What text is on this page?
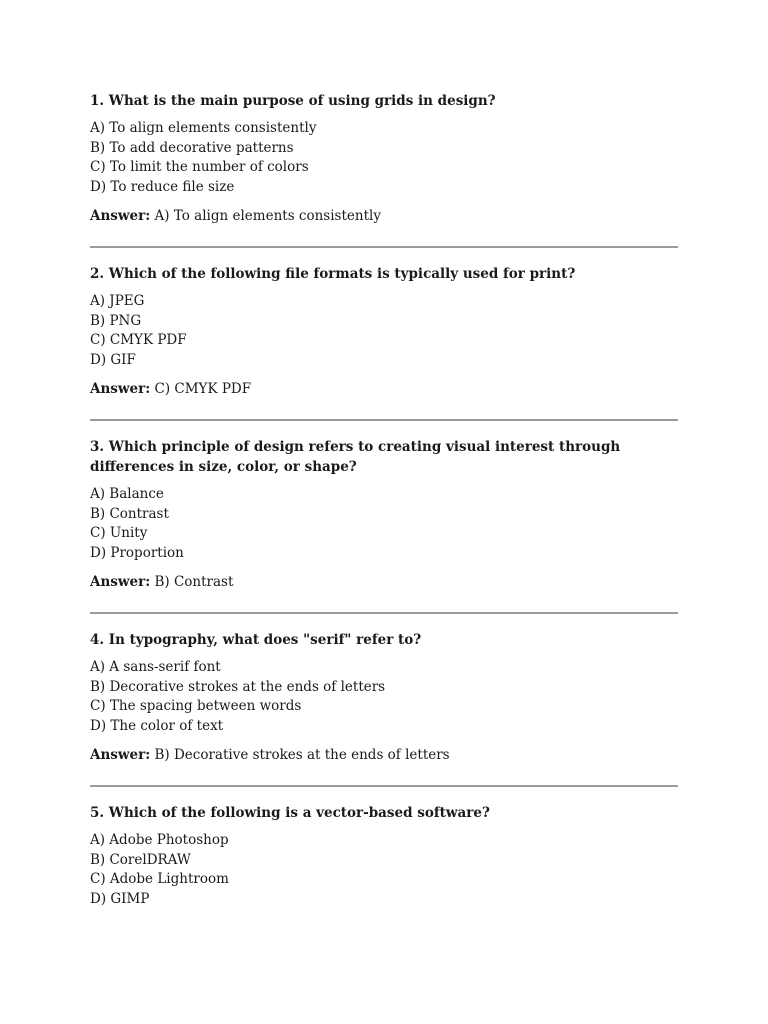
1. What is the main purpose of using grids in design?

A) To align elements consistently
B) To add decorative patterns
C) To limit the number of colors
D) To reduce file size

Answer: A) To align elements consistently

2. Which of the following file formats is typically used for print?

A) JPEG
B) PNG
C) CMYK PDF
D) GIF

Answer: C) CMYK PDF

3. Which principle of design refers to creating visual interest through differences in size, color, or shape?

A) Balance
B) Contrast
C) Unity
D) Proportion

Answer: B) Contrast

4. In typography, what does "serif" refer to?

A) A sans-serif font
B) Decorative strokes at the ends of letters
C) The spacing between words
D) The color of text

Answer: B) Decorative strokes at the ends of letters

5. Which of the following is a vector-based software?

A) Adobe Photoshop
B) CorelDRAW
C) Adobe Lightroom
D) GIMP
